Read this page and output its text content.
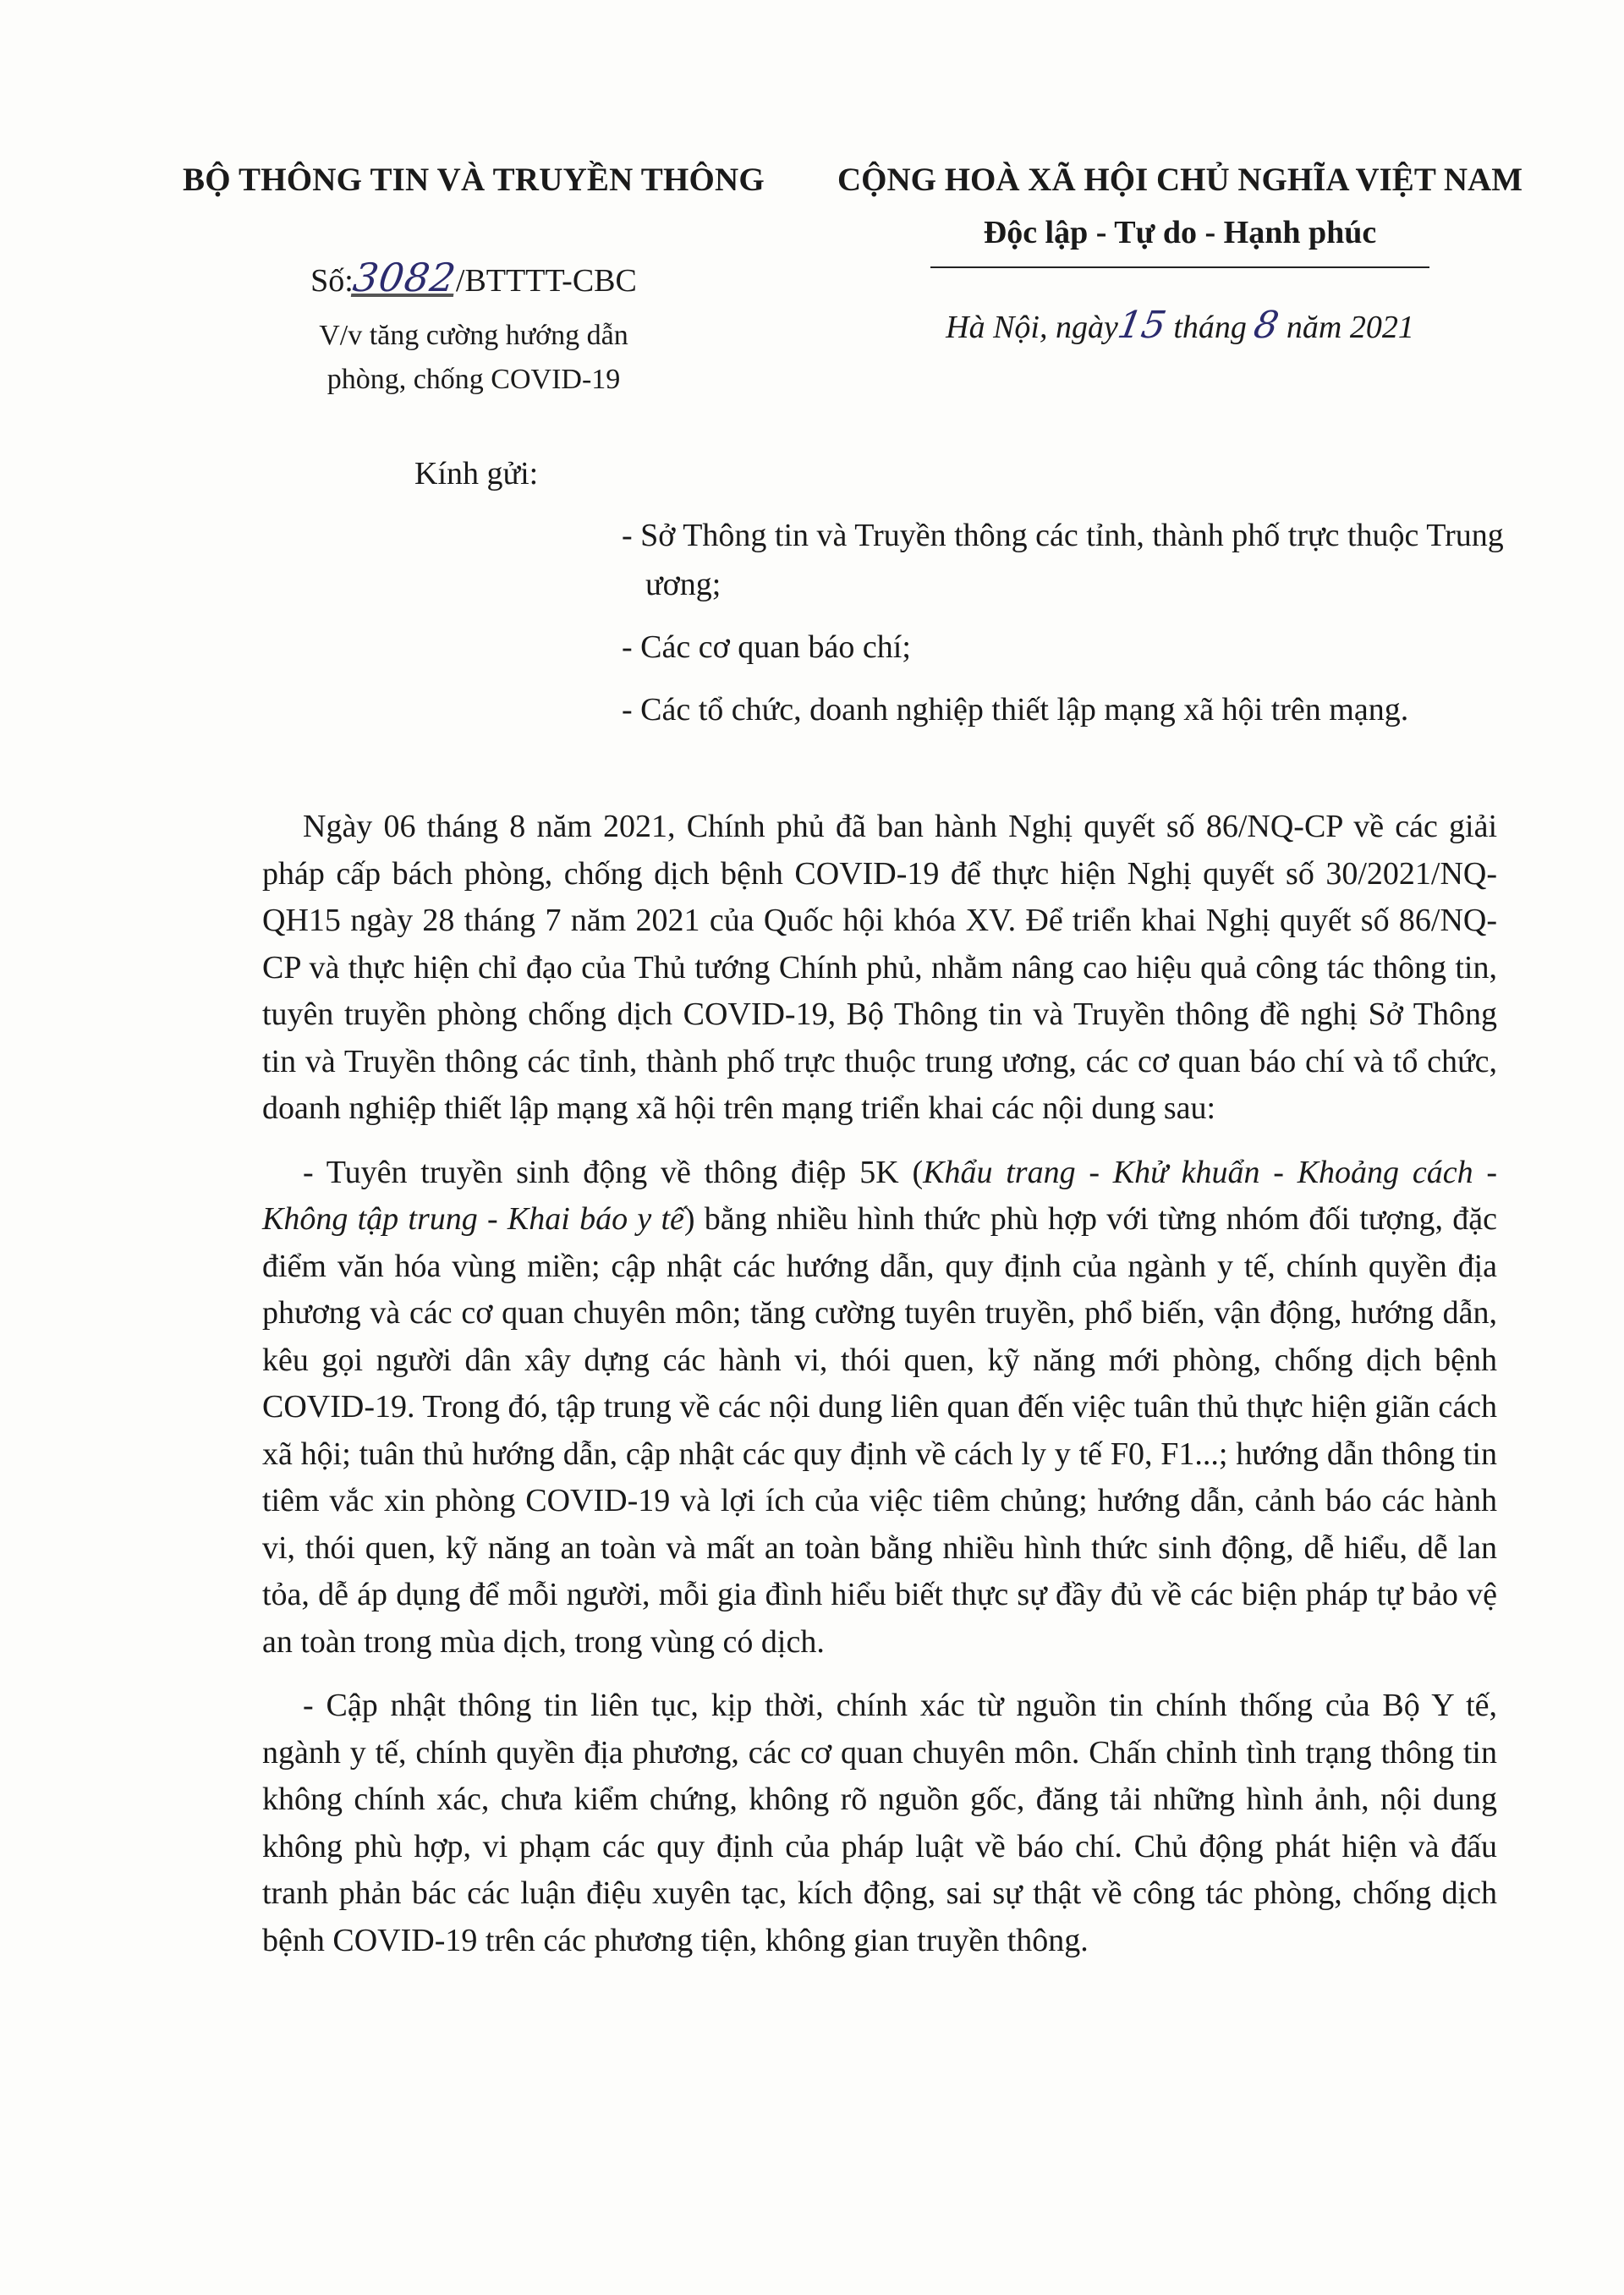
BỘ THÔNG TIN VÀ TRUYỀN THÔNG
Số:3082/BTTTT-CBC
V/v tăng cường hướng dẫn
phòng, chống COVID-19
CỘNG HOÀ XÃ HỘI CHỦ NGHĨA VIỆT NAM
Độc lập - Tự do - Hạnh phúc
Hà Nội, ngày15 tháng 8 năm 2021
Kính gửi:
- Sở Thông tin và Truyền thông các tỉnh, thành phố trực thuộc Trung ương;
- Các cơ quan báo chí;
- Các tổ chức, doanh nghiệp thiết lập mạng xã hội trên mạng.

Ngày 06 tháng 8 năm 2021, Chính phủ đã ban hành Nghị quyết số 86/NQ-CP về các giải pháp cấp bách phòng, chống dịch bệnh COVID-19 để thực hiện Nghị quyết số 30/2021/NQ-QH15 ngày 28 tháng 7 năm 2021 của Quốc hội khóa XV. Để triển khai Nghị quyết số 86/NQ-CP và thực hiện chỉ đạo của Thủ tướng Chính phủ, nhằm nâng cao hiệu quả công tác thông tin, tuyên truyền phòng chống dịch COVID-19, Bộ Thông tin và Truyền thông đề nghị Sở Thông tin và Truyền thông các tỉnh, thành phố trực thuộc trung ương, các cơ quan báo chí và tổ chức, doanh nghiệp thiết lập mạng xã hội trên mạng triển khai các nội dung sau:

- Tuyên truyền sinh động về thông điệp 5K (Khẩu trang - Khử khuẩn - Khoảng cách - Không tập trung - Khai báo y tế) bằng nhiều hình thức phù hợp với từng nhóm đối tượng, đặc điểm văn hóa vùng miền; cập nhật các hướng dẫn, quy định của ngành y tế, chính quyền địa phương và các cơ quan chuyên môn; tăng cường tuyên truyền, phổ biến, vận động, hướng dẫn, kêu gọi người dân xây dựng các hành vi, thói quen, kỹ năng mới phòng, chống dịch bệnh COVID-19. Trong đó, tập trung về các nội dung liên quan đến việc tuân thủ thực hiện giãn cách xã hội; tuân thủ hướng dẫn, cập nhật các quy định về cách ly y tế F0, F1...; hướng dẫn thông tin tiêm vắc xin phòng COVID-19 và lợi ích của việc tiêm chủng; hướng dẫn, cảnh báo các hành vi, thói quen, kỹ năng an toàn và mất an toàn bằng nhiều hình thức sinh động, dễ hiểu, dễ lan tỏa, dễ áp dụng để mỗi người, mỗi gia đình hiểu biết thực sự đầy đủ về các biện pháp tự bảo vệ an toàn trong mùa dịch, trong vùng có dịch.

- Cập nhật thông tin liên tục, kịp thời, chính xác từ nguồn tin chính thống của Bộ Y tế, ngành y tế, chính quyền địa phương, các cơ quan chuyên môn. Chấn chỉnh tình trạng thông tin không chính xác, chưa kiểm chứng, không rõ nguồn gốc, đăng tải những hình ảnh, nội dung không phù hợp, vi phạm các quy định của pháp luật về báo chí. Chủ động phát hiện và đấu tranh phản bác các luận điệu xuyên tạc, kích động, sai sự thật về công tác phòng, chống dịch bệnh COVID-19 trên các phương tiện, không gian truyền thông.
